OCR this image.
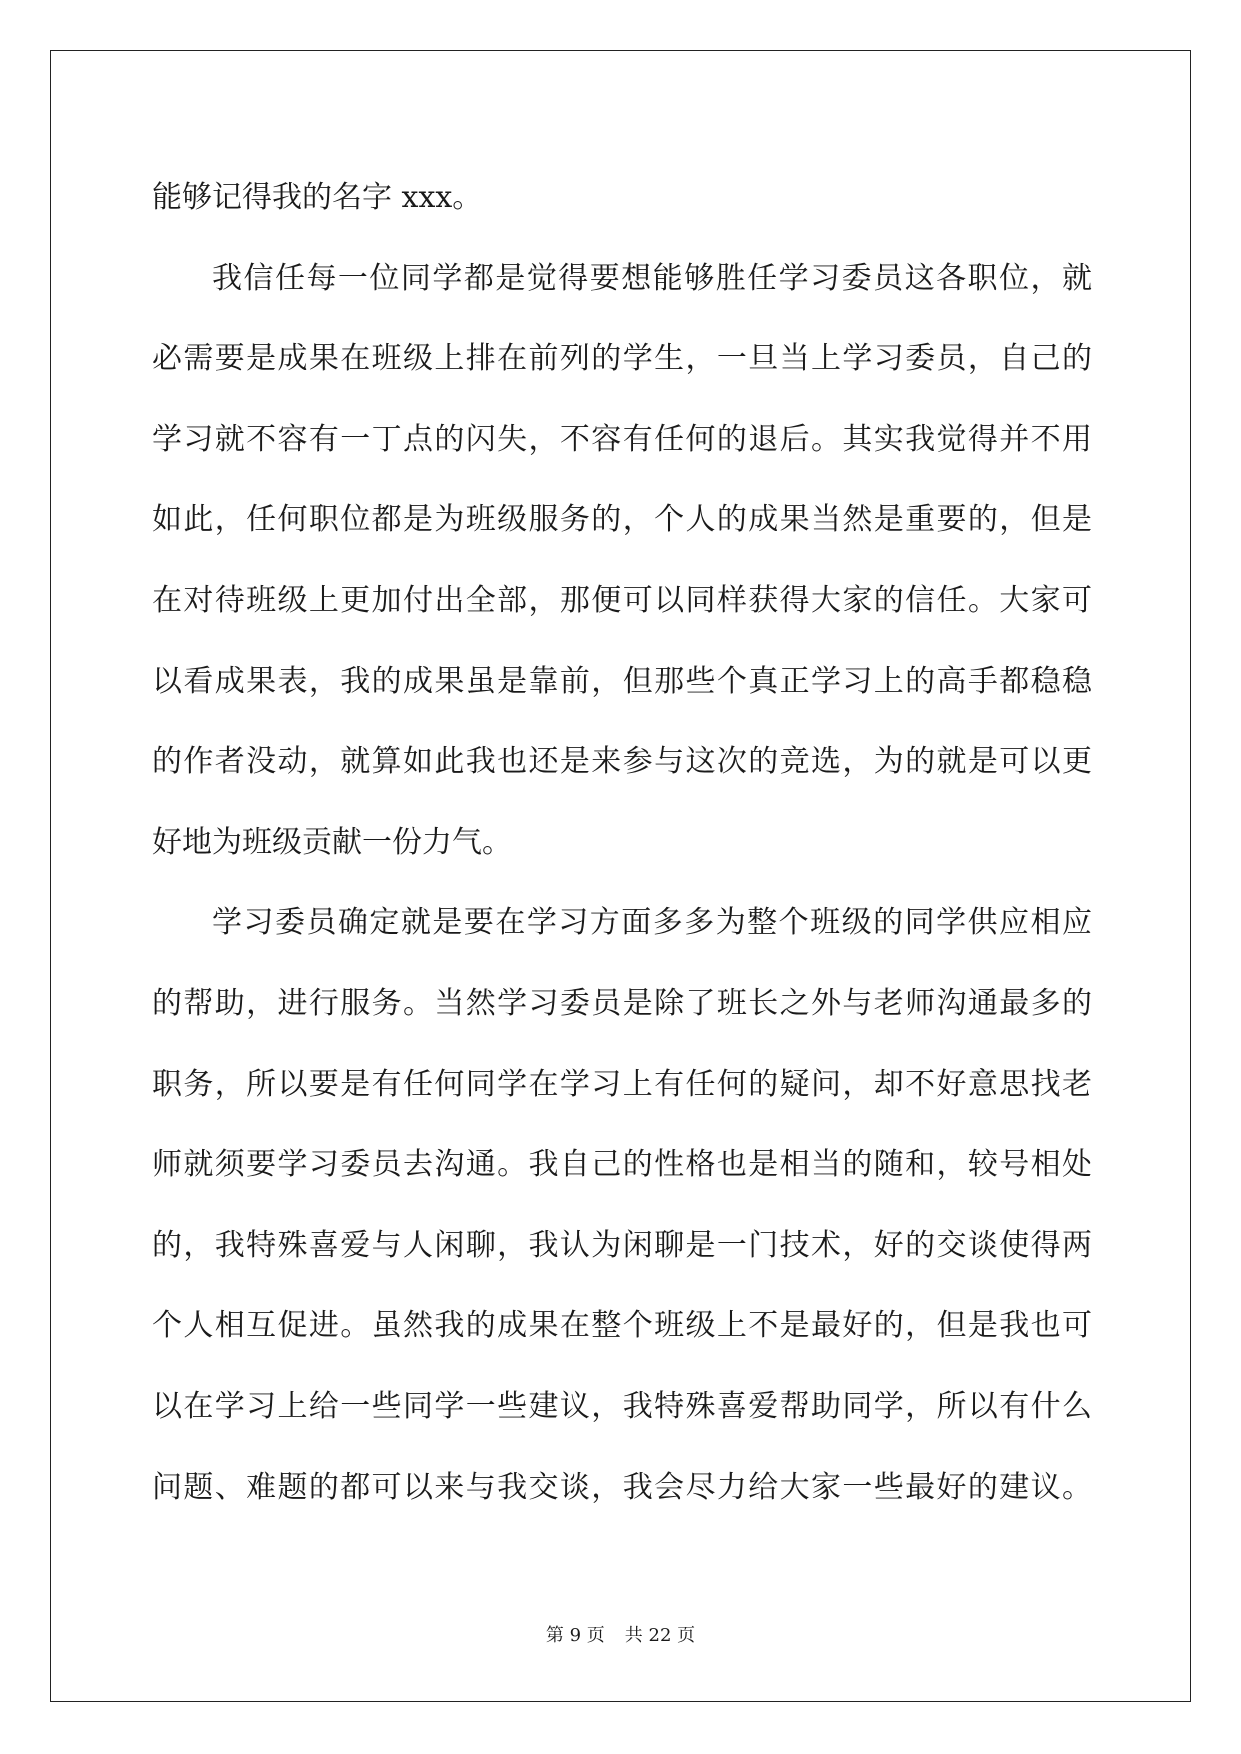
能够记得我的名字 xxx。
我信任每一位同学都是觉得要想能够胜任学习委员这各职位，就
必需要是成果在班级上排在前列的学生，一旦当上学习委员，自己的
学习就不容有一丁点的闪失，不容有任何的退后。其实我觉得并不用
如此，任何职位都是为班级服务的，个人的成果当然是重要的，但是
在对待班级上更加付出全部，那便可以同样获得大家的信任。大家可
以看成果表，我的成果虽是靠前，但那些个真正学习上的高手都稳稳
的作者没动，就算如此我也还是来参与这次的竞选，为的就是可以更
好地为班级贡献一份力气。
学习委员确定就是要在学习方面多多为整个班级的同学供应相应
的帮助，进行服务。当然学习委员是除了班长之外与老师沟通最多的
职务，所以要是有任何同学在学习上有任何的疑问，却不好意思找老
师就须要学习委员去沟通。我自己的性格也是相当的随和，较号相处
的，我特殊喜爱与人闲聊，我认为闲聊是一门技术，好的交谈使得两
个人相互促进。虽然我的成果在整个班级上不是最好的，但是我也可
以在学习上给一些同学一些建议，我特殊喜爱帮助同学，所以有什么
问题、难题的都可以来与我交谈，我会尽力给大家一些最好的建议。
第 9 页 共 22 页
